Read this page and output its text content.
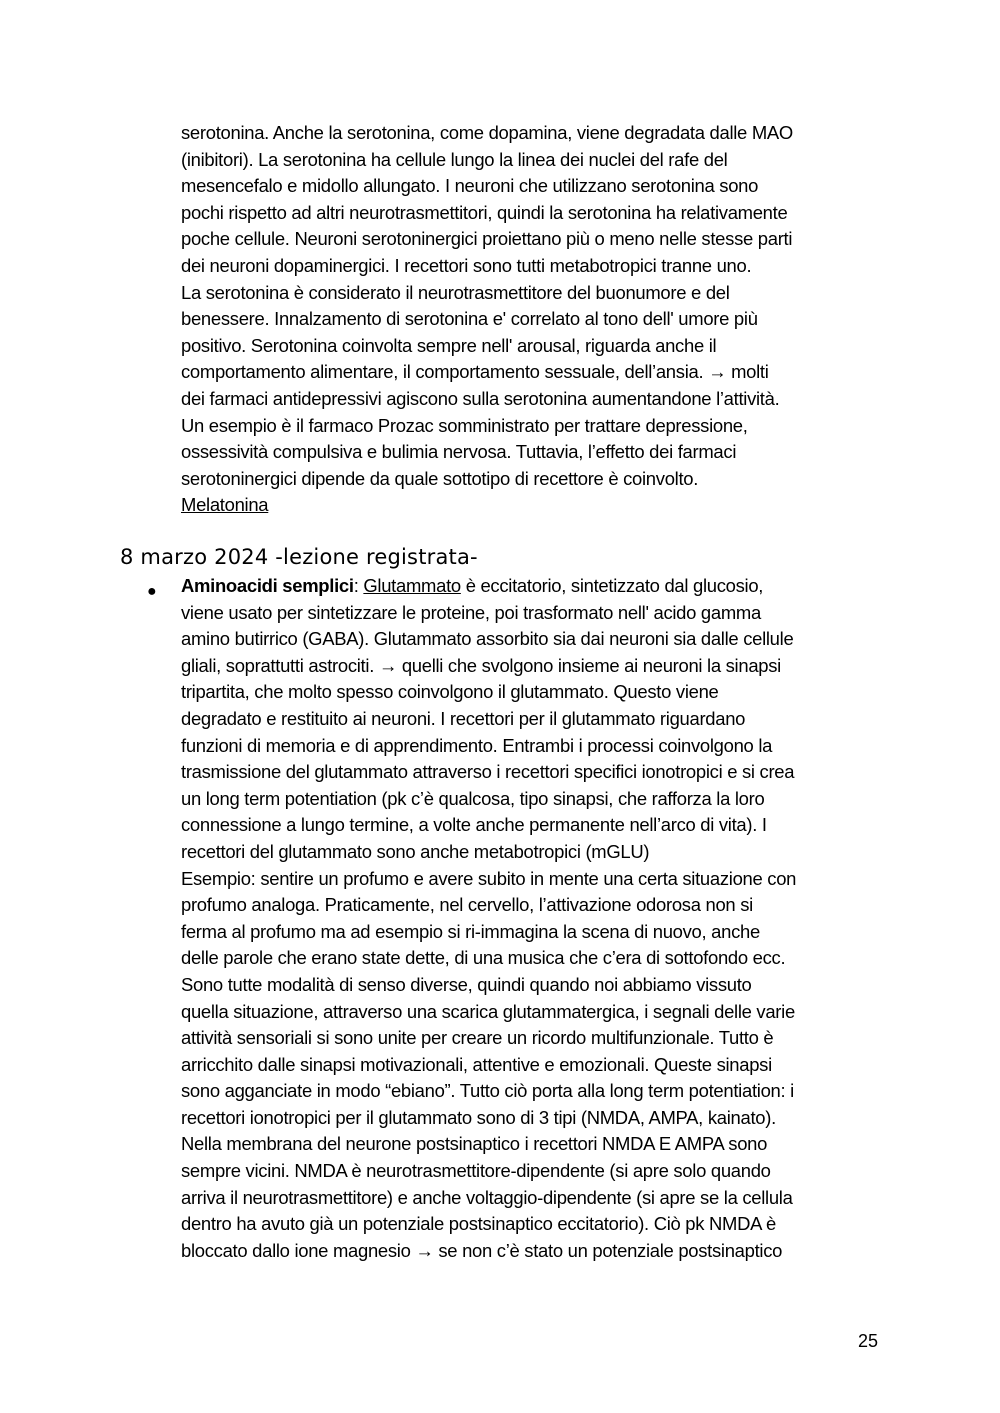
serotonina. Anche la serotonina, come dopamina, viene degradata dalle MAO
(inibitori). La serotonina ha cellule lungo la linea dei nuclei del rafe del
mesencefalo e midollo allungato. I neuroni che utilizzano serotonina sono
pochi rispetto ad altri neurotrasmettitori, quindi la serotonina ha relativamente
poche cellule. Neuroni serotoninergici proiettano più o meno nelle stesse parti
dei neuroni dopaminergici. I recettori sono tutti metabotropici tranne uno.
La serotonina è considerato il neurotrasmettitore del buonumore e del
benessere. Innalzamento di serotonina e' correlato al tono dell' umore più
positivo. Serotonina coinvolta sempre nell' arousal, riguarda anche il
comportamento alimentare, il comportamento sessuale, dell’ansia. → molti
dei farmaci antidepressivi agiscono sulla serotonina aumentandone l’attività.
Un esempio è il farmaco Prozac somministrato per trattare depressione,
ossessività compulsiva e bulimia nervosa. Tuttavia, l’effetto dei farmaci
serotoninergici dipende da quale sottotipo di recettore è coinvolto.
Melatonina
8 marzo 2024 -lezione registrata-
● Aminoacidi semplici: Glutammato è eccitatorio, sintetizzato dal glucosio,
viene usato per sintetizzare le proteine, poi trasformato nell' acido gamma
amino butirrico (GABA). Glutammato assorbito sia dai neuroni sia dalle cellule
gliali, soprattutti astrociti. → quelli che svolgono insieme ai neuroni la sinapsi
tripartita, che molto spesso coinvolgono il glutammato. Questo viene
degradato e restituito ai neuroni. I recettori per il glutammato riguardano
funzioni di memoria e di apprendimento. Entrambi i processi coinvolgono la
trasmissione del glutammato attraverso i recettori specifici ionotropici e si crea
un long term potentiation (pk c’è qualcosa, tipo sinapsi, che rafforza la loro
connessione a lungo termine, a volte anche permanente nell’arco di vita). I
recettori del glutammato sono anche metabotropici (mGLU)
Esempio: sentire un profumo e avere subito in mente una certa situazione con
profumo analoga. Praticamente, nel cervello, l’attivazione odorosa non si
ferma al profumo ma ad esempio si ri-immagina la scena di nuovo, anche
delle parole che erano state dette, di una musica che c’era di sottofondo ecc.
Sono tutte modalità di senso diverse, quindi quando noi abbiamo vissuto
quella situazione, attraverso una scarica glutammatergica, i segnali delle varie
attività sensoriali si sono unite per creare un ricordo multifunzionale. Tutto è
arricchito dalle sinapsi motivazionali, attentive e emozionali. Queste sinapsi
sono agganciate in modo “ebiano”. Tutto ciò porta alla long term potentiation: i
recettori ionotropici per il glutammato sono di 3 tipi (NMDA, AMPA, kainato).
Nella membrana del neurone postsinaptico i recettori NMDA E AMPA sono
sempre vicini. NMDA è neurotrasmettitore-dipendente (si apre solo quando
arriva il neurotrasmettitore) e anche voltaggio-dipendente (si apre se la cellula
dentro ha avuto già un potenziale postsinaptico eccitatorio). Ciò pk NMDA è
bloccato dallo ione magnesio → se non c’è stato un potenziale postsinaptico
25
